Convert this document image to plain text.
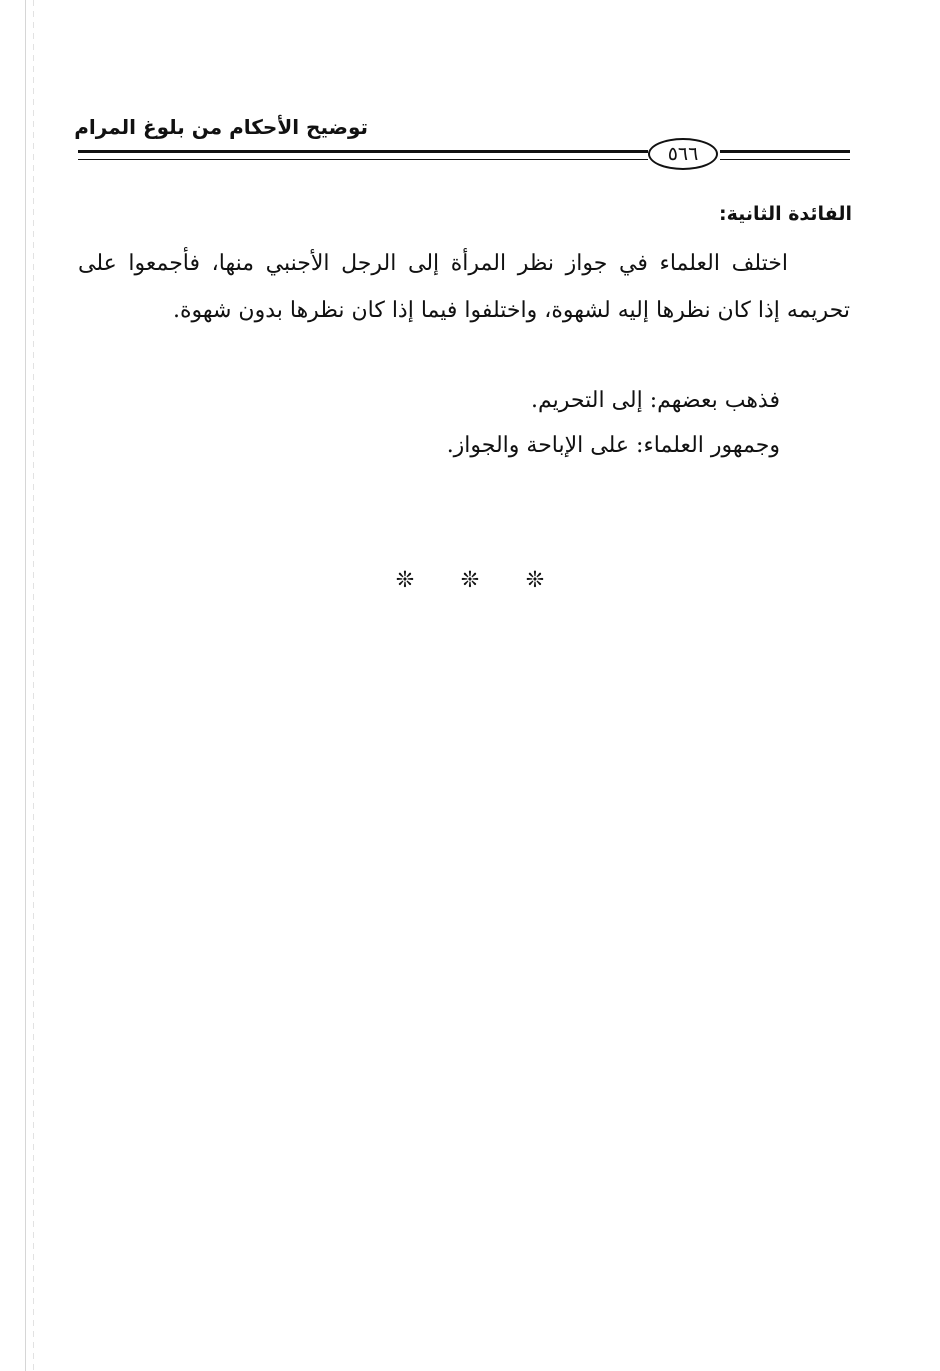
توضيح الأحكام من بلوغ المرام
٥٦٦
الفائدة الثانية:

اختلف العلماء في جواز نظر المرأة إلى الرجل الأجنبي منها، فأجمعوا على تحريمه إذا كان نظرها إليه لشهوة، واختلفوا فيما إذا كان نظرها بدون شهوة.

فذهب بعضهم: إلى التحريم.

وجمهور العلماء: على الإباحة والجواز.

❊ ❊ ❊
